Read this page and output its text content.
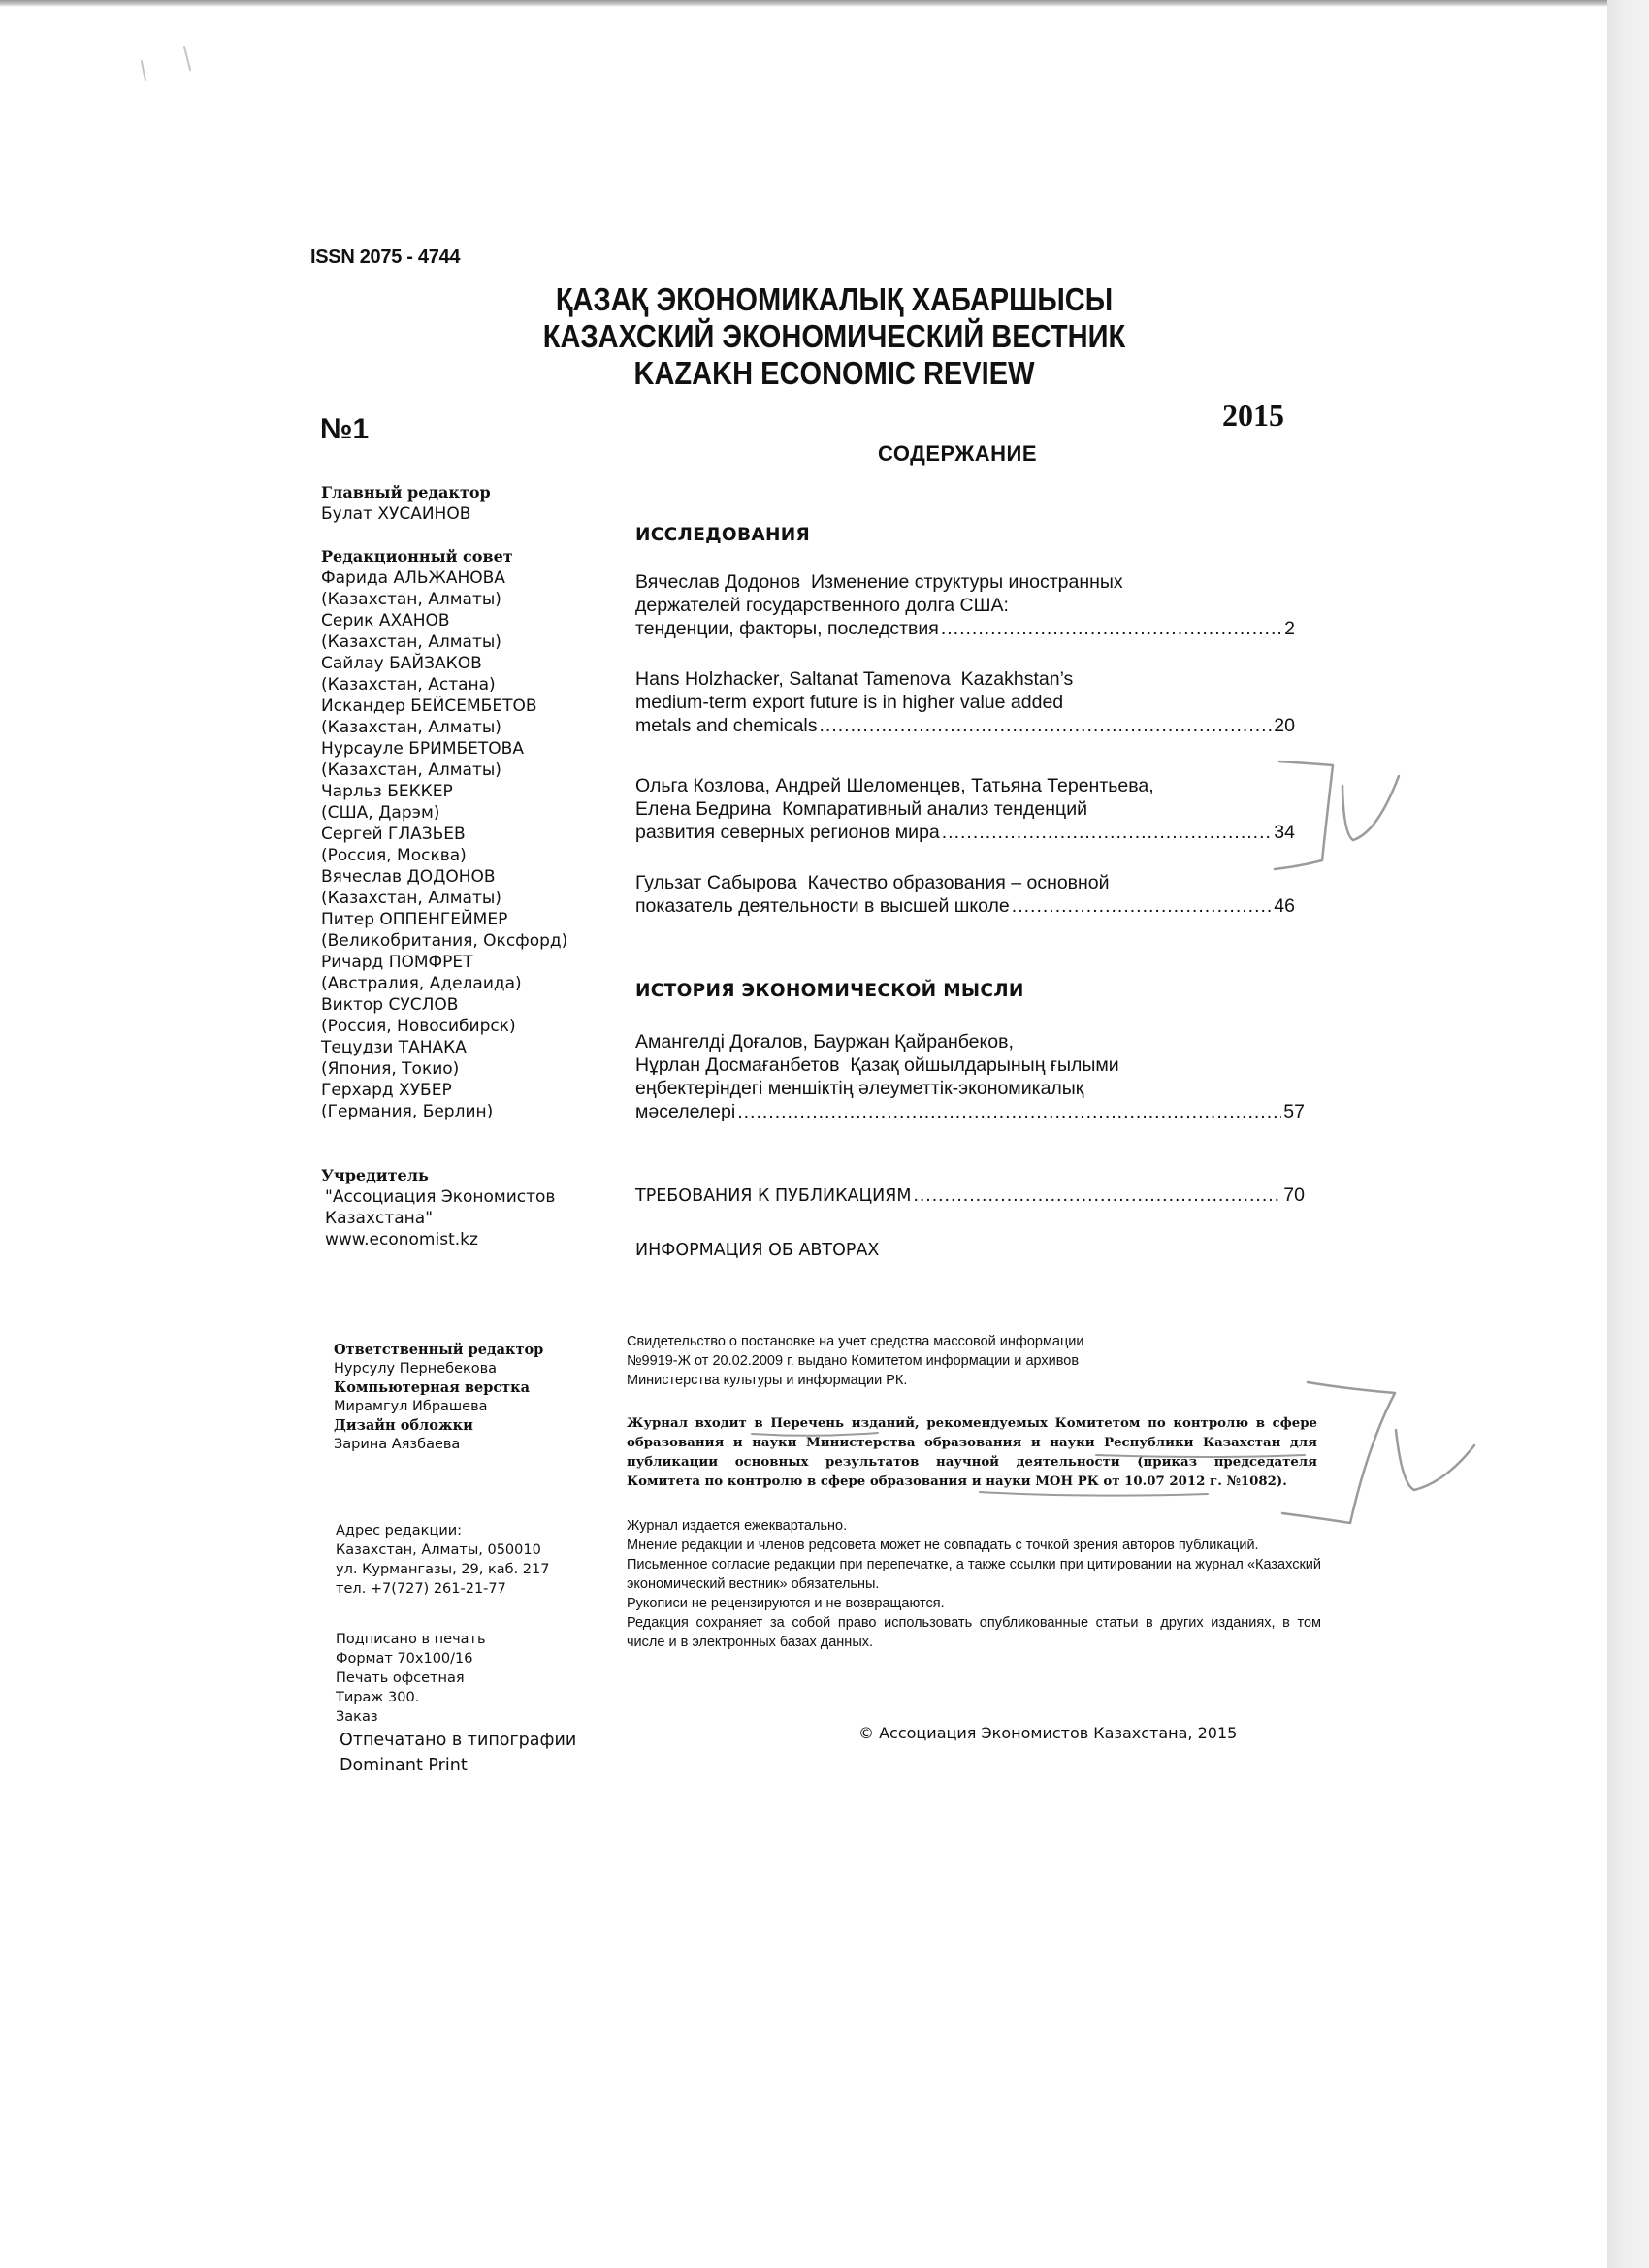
ISSN 2075 - 4744
ҚАЗАҚ ЭКОНОМИКАЛЫҚ ХАБАРШЫСЫ
КАЗАХСКИЙ ЭКОНОМИЧЕСКИЙ ВЕСТНИК
KAZAKH ECONOMIC REVIEW
№1	2015
СОДЕРЖАНИЕ
Главный редактор
Булат ХУСАИНОВ
Редакционный совет
Фарида АЛЬЖАНОВА
(Казахстан, Алматы)
Серик АХАНОВ
(Казахстан, Алматы)
Сайлау БАЙЗАКОВ
(Казахстан, Астана)
Искандер БЕЙСЕМБЕТОВ
(Казахстан, Алматы)
Нурсауле БРИМБЕТОВА
(Казахстан, Алматы)
Чарльз БЕККЕР
(США, Дарэм)
Сергей ГЛАЗЬЕВ
(Россия, Москва)
Вячеслав ДОДОНОВ
(Казахстан, Алматы)
Питер ОППЕНГЕЙМЕР
(Великобритания, Оксфорд)
Ричард ПОМФРЕТ
(Австралия, Аделаида)
Виктор СУСЛОВ
(Россия, Новосибирск)
Тецудзи ТАНАКА
(Япония, Токио)
Герхард ХУБЕР
(Германия, Берлин)
Учредитель
"Ассоциация Экономистов
Казахстана"
www.economist.kz
Ответственный редактор
Нурсулу Пернебекова
Компьютерная верстка
Мирамгул Ибрашева
Дизайн обложки
Зарина Аязбаева
Адрес редакции:
Казахстан, Алматы, 050010
ул. Курмангазы, 29, каб. 217
тел. +7(727) 261-21-77
Подписано в печать
Формат 70х100/16
Печать офсетная
Тираж 300.
Заказ
Отпечатано в типографии
Dominant Print
ИССЛЕДОВАНИЯ
Вячеслав Додонов Изменение структуры иностранных
держателей государственного долга США:
тенденции, факторы, последствия .....	2
Hans Holzhacker, Saltanat Tamenova Kazakhstan’s
medium-term export future is in higher value added
metals and chemicals .....	20
Ольга Козлова, Андрей Шеломенцев, Татьяна Терентьева,
Елена Бедрина Компаративный анализ тенденций
развития северных регионов мира .....	34
Гульзат Сабырова Качество образования – основной
показатель деятельности в высшей школе .....	46
ИСТОРИЯ ЭКОНОМИЧЕСКОЙ МЫСЛИ
Амангелді Доғалов, Бауржан Қайранбеков,
Нұрлан Досмағанбетов Қазақ ойшылдарының ғылыми
еңбектеріндегі меншіктің әлеуметтік-экономикалық
мәселелері .....	57
ТРЕБОВАНИЯ К ПУБЛИКАЦИЯМ .....	70
ИНФОРМАЦИЯ ОБ АВТОРАХ
Свидетельство о постановке на учет средства массовой информации
№9919-Ж от 20.02.2009 г. выдано Комитетом информации и архивов
Министерства культуры и информации РК.
Журнал входит в Перечень изданий, рекомендуемых Комитетом по контролю в сфере образования и науки Министерства образования и науки Республики Казахстан для публикации основных результатов научной деятельности (приказ председателя Комитета по контролю в сфере образования и науки МОН РК от 10.07 2012 г. №1082).
Журнал издается ежеквартально.
Мнение редакции и членов редсовета может не совпадать с точкой зрения авторов публикаций.
Письменное согласие редакции при перепечатке, а также ссылки при цитировании на журнал «Казахский экономический вестник» обязательны.
Рукописи не рецензируются и не возвращаются.
Редакция сохраняет за собой право использовать опубликованные статьи в других изданиях, в том числе и в электронных базах данных.
© Ассоциация Экономистов Казахстана, 2015
